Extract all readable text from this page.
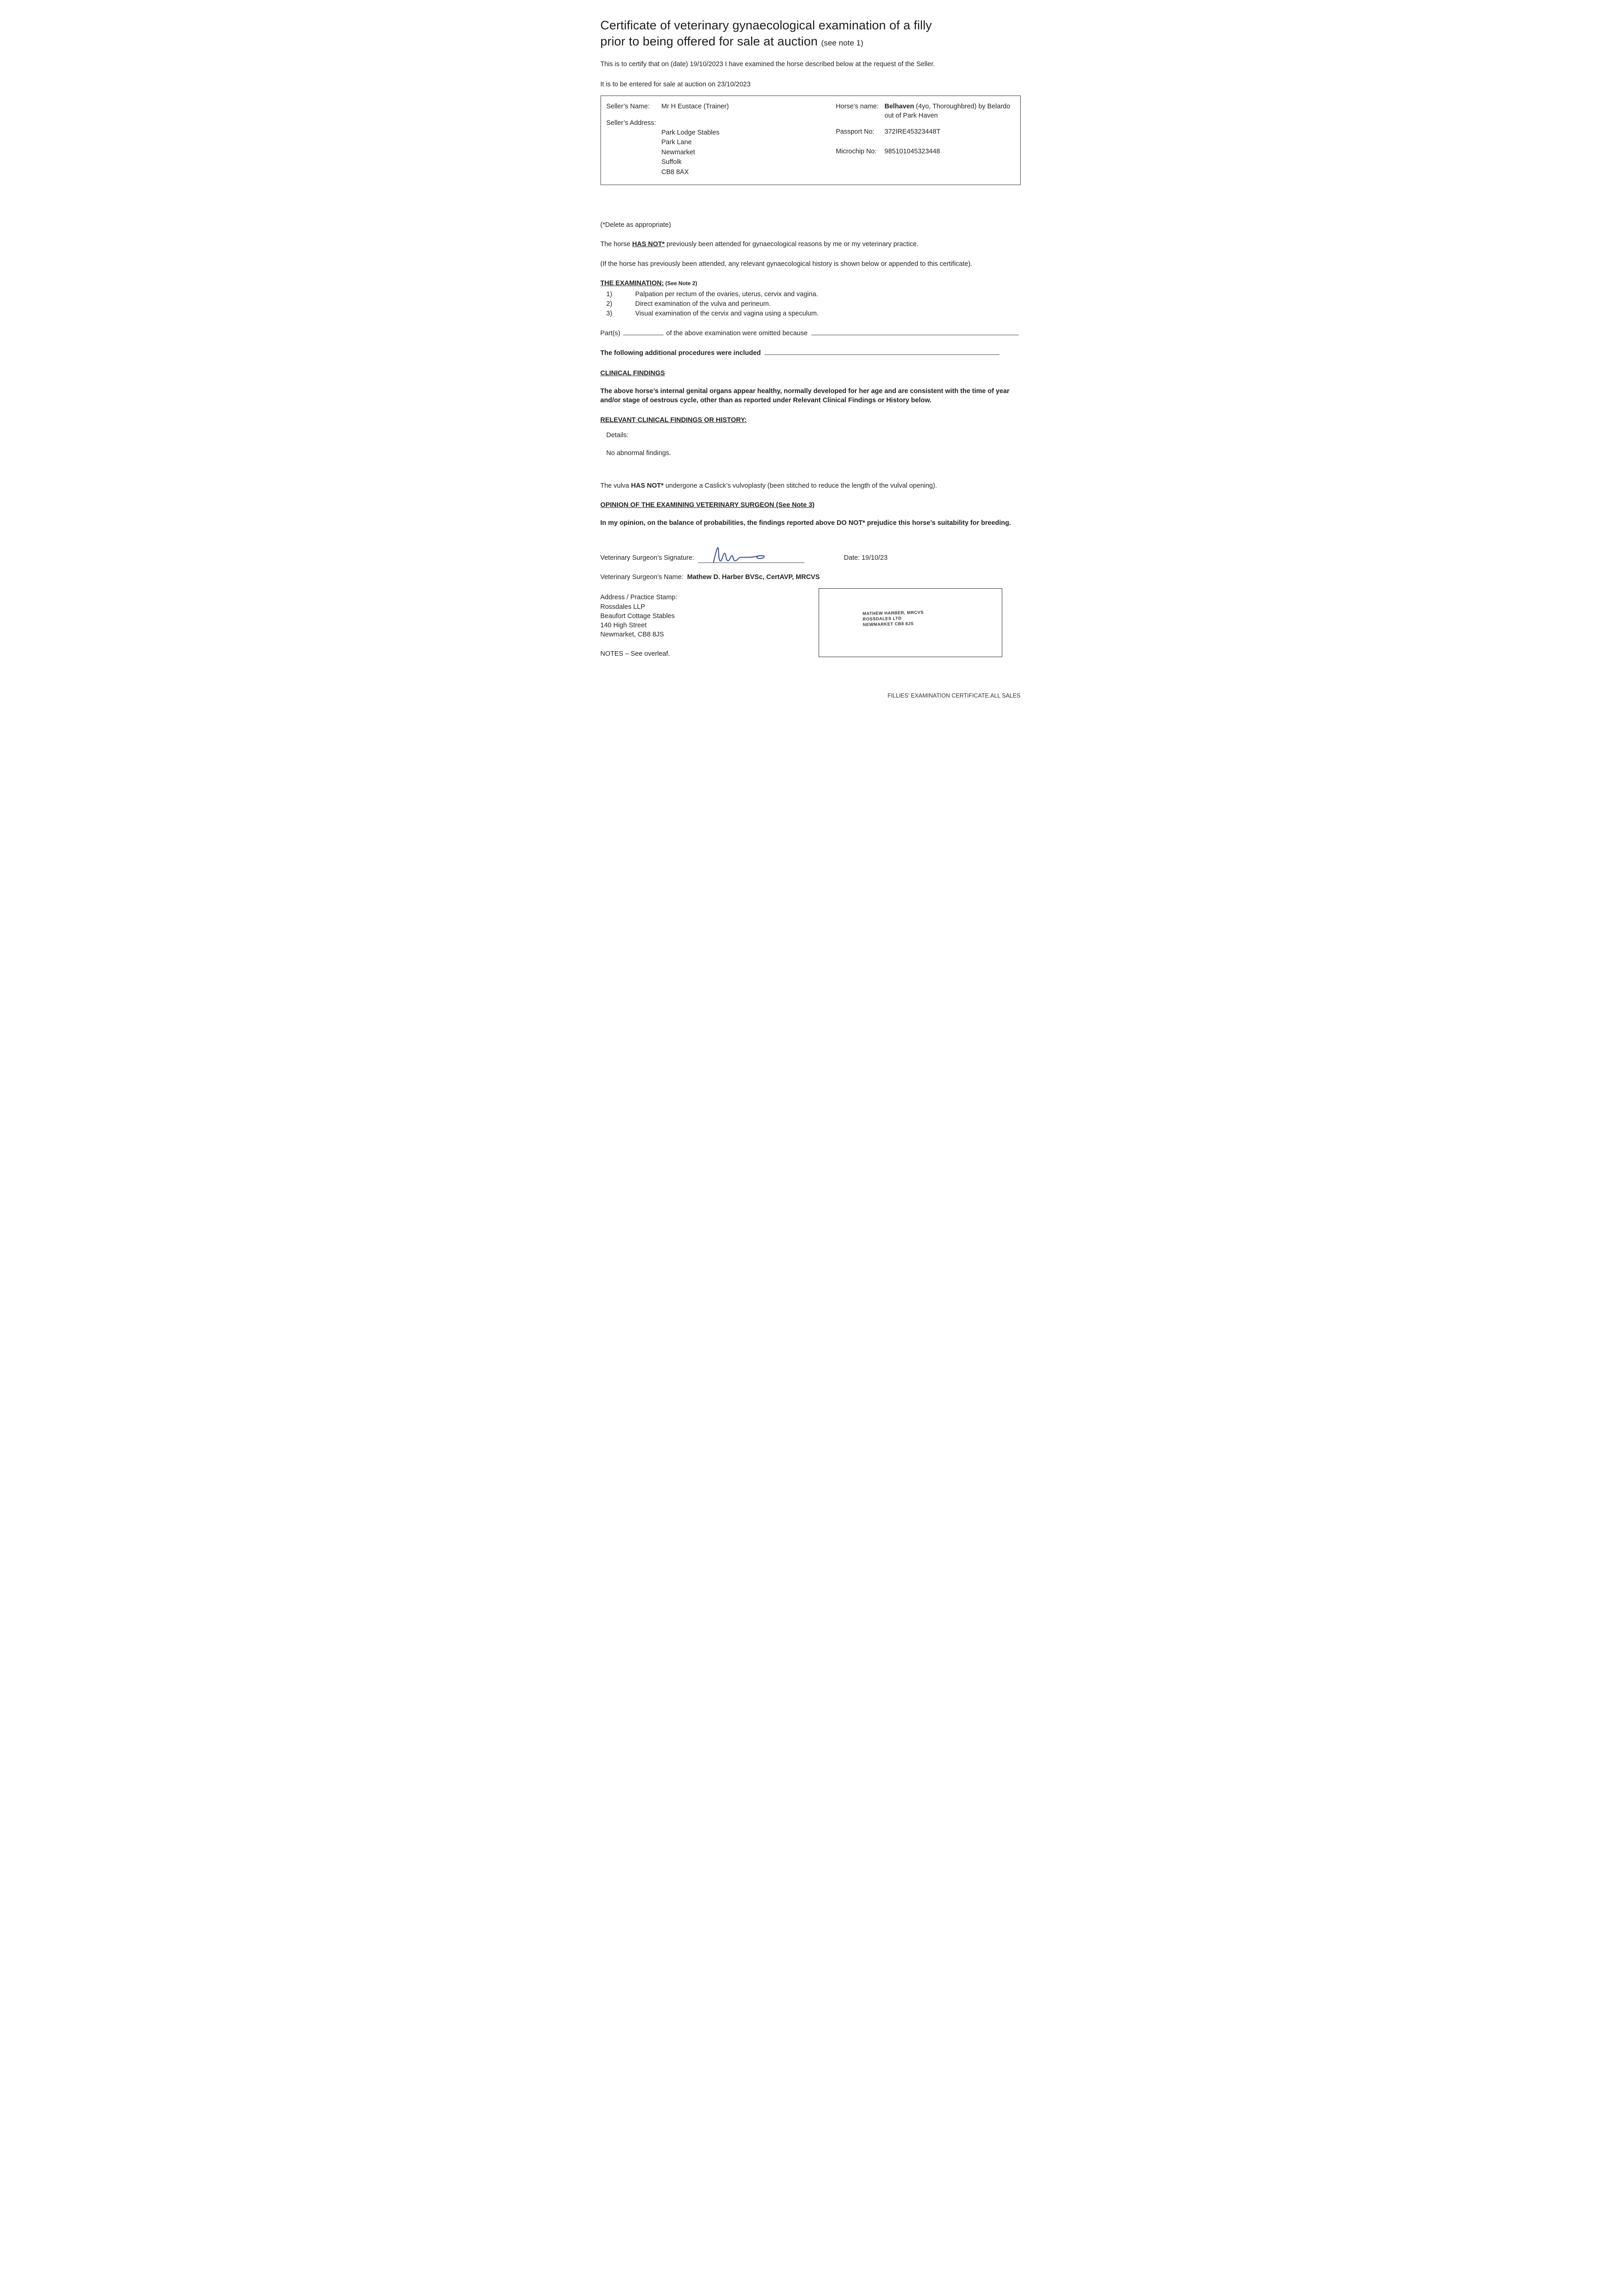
Certificate of veterinary gynaecological examination of a filly
prior to being offered for sale at auction (see note 1)

This is to certify that on (date) 19/10/2023 I have examined the horse described below at the request of the Seller.

It is to be entered for sale at auction on 23/10/2023

Seller’s Name:	Mr H Eustace (Trainer)
Seller’s Address:
Park Lodge Stables
Park Lane
Newmarket
Suffolk
CB8 8AX
Horse’s name: Belhaven (4yo, Thoroughbred) by Belardo out of Park Haven
Passport No:	372IRE45323448T
Microchip No:	985101045323448

(*Delete as appropriate)

The horse HAS NOT* previously been attended for gynaecological reasons by me or my veterinary practice.

(If the horse has previously been attended, any relevant gynaecological history is shown below or appended to this certificate).

THE EXAMINATION: (See Note 2)

1)	Palpation per rectum of the ovaries, uterus, cervix and vagina.
2)	Direct examination of the vulva and perineum.
3)	Visual examination of the cervix and vagina using a speculum.

Part(s)	of the above examination were omitted because

The following additional procedures were included

CLINICAL FINDINGS

The above horse’s internal genital organs appear healthy, normally developed for her age and are consistent with the time of year and/or stage of oestrous cycle, other than as reported under Relevant Clinical Findings or History below.

RELEVANT CLINICAL FINDINGS OR HISTORY:

Details:

No abnormal findings.

The vulva HAS NOT* undergone a Caslick’s vulvoplasty (been stitched to reduce the length of the vulval opening).

OPINION OF THE EXAMINING VETERINARY SURGEON (See Note 3)

In my opinion, on the balance of probabilities, the findings reported above DO NOT* prejudice this horse’s suitability for breeding.

Veterinary Surgeon’s Signature:	Date: 19/10/23

Veterinary Surgeon’s Name: Mathew D. Harber BVSc, CertAVP, MRCVS

Address / Practice Stamp:
Rossdales LLP
Beaufort Cottage Stables
140 High Street
Newmarket, CB8 8JS

NOTES – See overleaf.

MATHEW HARBER, MRCVS
ROSSDALES LTD
NEWMARKET CB8 8JS
FILLIES’ EXAMINATION CERTIFICATE.ALL SALES
